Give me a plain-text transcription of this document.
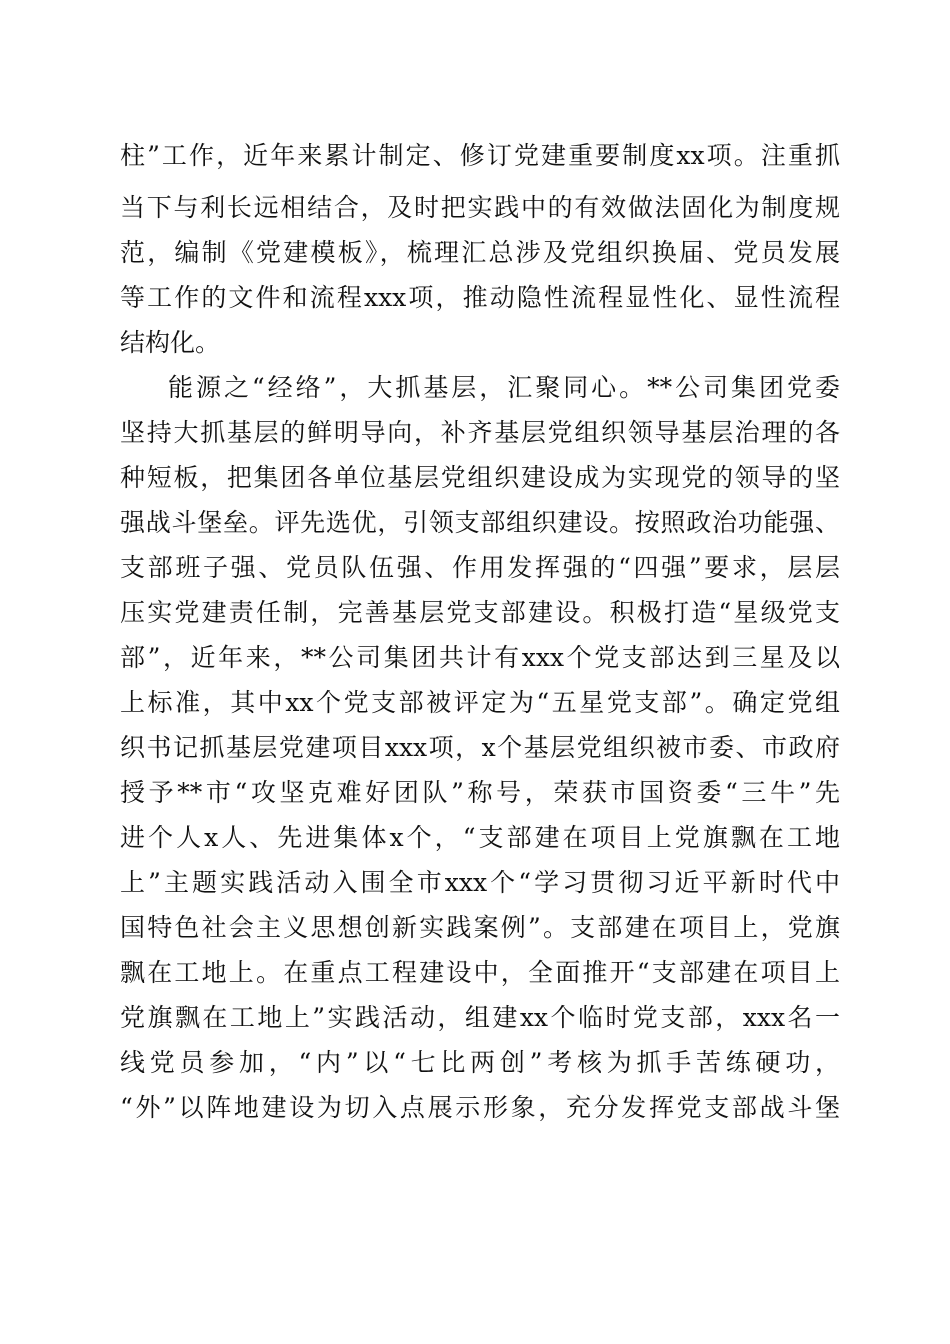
柱”工作，近年来累计制定、修订党建重要制度xx项。注重抓
当下与利长远相结合，及时把实践中的有效做法固化为制度规
范，编制《党建模板》，梳理汇总涉及党组织换届、党员发展
等工作的文件和流程xxx项，推动隐性流程显性化、显性流程
结构化。
能源之“经络”，大抓基层，汇聚同心。**公司集团党委
坚持大抓基层的鲜明导向，补齐基层党组织领导基层治理的各
种短板，把集团各单位基层党组织建设成为实现党的领导的坚
强战斗堡垒。评先选优，引领支部组织建设。按照政治功能强、
支部班子强、党员队伍强、作用发挥强的“四强”要求，层层
压实党建责任制，完善基层党支部建设。积极打造“星级党支
部”，近年来，**公司集团共计有xxx个党支部达到三星及以
上标准，其中xx个党支部被评定为“五星党支部”。确定党组
织书记抓基层党建项目xxx项，x个基层党组织被市委、市政府
授予**市“攻坚克难好团队”称号，荣获市国资委“三牛”先
进个人x人、先进集体x个，“支部建在项目上党旗飘在工地
上”主题实践活动入围全市xxx个“学习贯彻习近平新时代中
国特色社会主义思想创新实践案例”。支部建在项目上，党旗
飘在工地上。在重点工程建设中，全面推开“支部建在项目上
党旗飘在工地上”实践活动，组建xx个临时党支部，xxx名一
线党员参加，“内”以“七比两创”考核为抓手苦练硬功，
“外”以阵地建设为切入点展示形象，充分发挥党支部战斗堡
